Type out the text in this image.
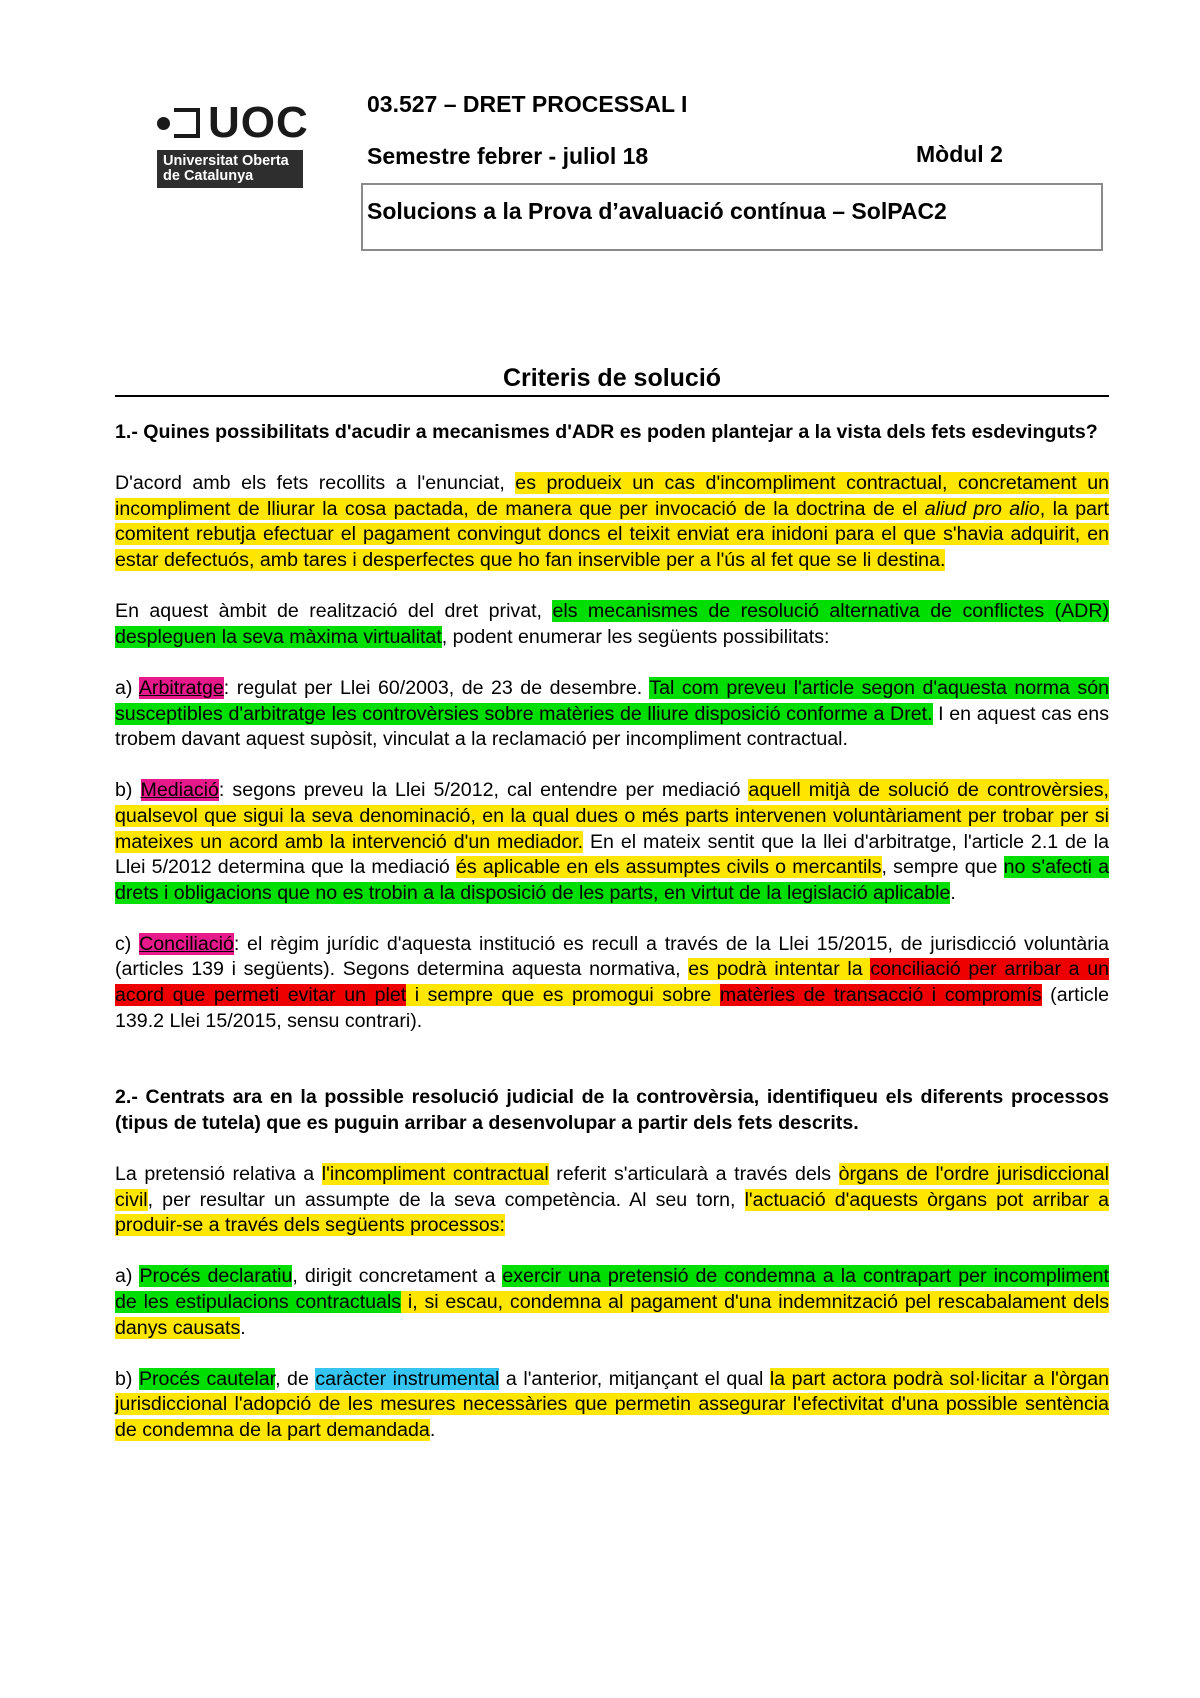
UOC
Universitat Oberta
de Catalunya
03.527 – DRET PROCESSAL I
Semestre febrer - juliol 18	Mòdul 2
Solucions a la Prova d’avaluació contínua – SolPAC2
Criteris de solució

1.- Quines possibilitats d'acudir a mecanismes d'ADR es poden plantejar a la vista dels fets esdevinguts?

D'acord amb els fets recollits a l'enunciat, es produeix un cas d'incompliment contractual, concretament un incompliment de lliurar la cosa pactada, de manera que per invocació de la doctrina de el aliud pro alio, la part comitent rebutja efectuar el pagament convingut doncs el teixit enviat era inidoni para el que s'havia adquirit, en estar defectuós, amb tares i desperfectes que ho fan inservible per a l'ús al fet que se li destina.

En aquest àmbit de realització del dret privat, els mecanismes de resolució alternativa de conflictes (ADR) despleguen la seva màxima virtualitat, podent enumerar les següents possibilitats:

a) Arbitratge: regulat per Llei 60/2003, de 23 de desembre. Tal com preveu l'article segon d'aquesta norma són susceptibles d'arbitratge les controvèrsies sobre matèries de lliure disposició conforme a Dret. I en aquest cas ens trobem davant aquest supòsit, vinculat a la reclamació per incompliment contractual.

b) Mediació: segons preveu la Llei 5/2012, cal entendre per mediació aquell mitjà de solució de controvèrsies, qualsevol que sigui la seva denominació, en la qual dues o més parts intervenen voluntàriament per trobar per si mateixes un acord amb la intervenció d'un mediador. En el mateix sentit que la llei d'arbitratge, l'article 2.1 de la Llei 5/2012 determina que la mediació és aplicable en els assumptes civils o mercantils, sempre que no s'afecti a drets i obligacions que no es trobin a la disposició de les parts, en virtut de la legislació aplicable.

c) Conciliació: el règim jurídic d'aquesta institució es recull a través de la Llei 15/2015, de jurisdicció voluntària (articles 139 i següents). Segons determina aquesta normativa, es podrà intentar la conciliació per arribar a un acord que permeti evitar un plet i sempre que es promogui sobre matèries de transacció i compromís (article 139.2 Llei 15/2015, sensu contrari).

2.- Centrats ara en la possible resolució judicial de la controvèrsia, identifiqueu els diferents processos (tipus de tutela) que es puguin arribar a desenvolupar a partir dels fets descrits.

La pretensió relativa a l'incompliment contractual referit s'articularà a través dels òrgans de l'ordre jurisdiccional civil, per resultar un assumpte de la seva competència. Al seu torn, l'actuació d'aquests òrgans pot arribar a produir-se a través dels següents processos:

a) Procés declaratiu, dirigit concretament a exercir una pretensió de condemna a la contrapart per incompliment de les estipulacions contractuals i, si escau, condemna al pagament d'una indemnització pel rescabalament dels danys causats.

b) Procés cautelar, de caràcter instrumental a l'anterior, mitjançant el qual la part actora podrà sol·licitar a l'òrgan jurisdiccional l'adopció de les mesures necessàries que permetin assegurar l'efectivitat d'una possible sentència de condemna de la part demandada.
